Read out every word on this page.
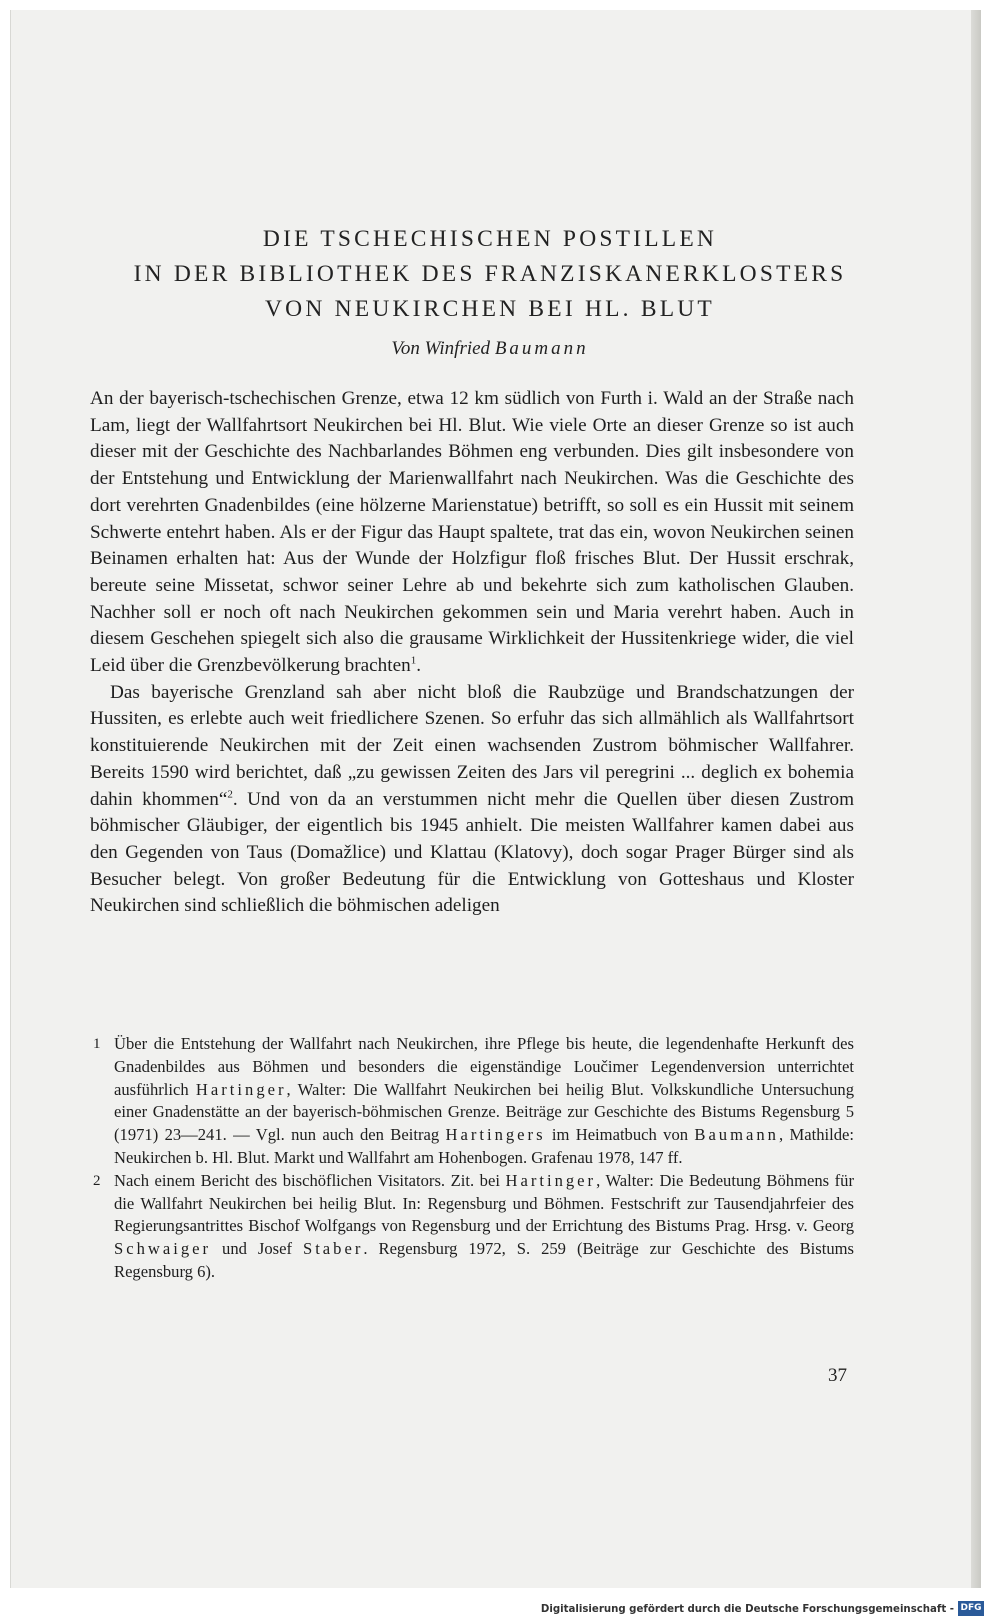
DIE TSCHECHISCHEN POSTILLEN
IN DER BIBLIOTHEK DES FRANZISKANERKLOSTERS
VON NEUKIRCHEN BEI HL. BLUT
Von Winfried Baumann

An der bayerisch-tschechischen Grenze, etwa 12 km südlich von Furth i. Wald an der Straße nach Lam, liegt der Wallfahrtsort Neukirchen bei Hl. Blut. Wie viele Orte an dieser Grenze so ist auch dieser mit der Geschichte des Nachbarlandes Böhmen eng verbunden. Dies gilt insbesondere von der Entstehung und Entwicklung der Marienwallfahrt nach Neukirchen. Was die Geschichte des dort verehrten Gnadenbildes (eine hölzerne Marienstatue) betrifft, so soll es ein Hussit mit seinem Schwerte entehrt haben. Als er der Figur das Haupt spaltete, trat das ein, wovon Neukirchen seinen Beinamen erhalten hat: Aus der Wunde der Holzfigur floß frisches Blut. Der Hussit erschrak, bereute seine Missetat, schwor seiner Lehre ab und bekehrte sich zum katholischen Glauben. Nachher soll er noch oft nach Neukirchen gekommen sein und Maria verehrt haben. Auch in diesem Geschehen spiegelt sich also die grausame Wirklichkeit der Hussitenkriege wider, die viel Leid über die Grenzbevölkerung brachten$^1$.

Das bayerische Grenzland sah aber nicht bloß die Raubzüge und Brandschatzungen der Hussiten, es erlebte auch weit friedlichere Szenen. So erfuhr das sich allmählich als Wallfahrtsort konstituierende Neukirchen mit der Zeit einen wachsenden Zustrom böhmischer Wallfahrer. Bereits 1590 wird berichtet, daß „zu gewissen Zeiten des Jars vil peregrini ... deglich ex bohemia dahin khommen“$^2$. Und von da an verstummen nicht mehr die Quellen über diesen Zustrom böhmischer Gläubiger, der eigentlich bis 1945 anhielt. Die meisten Wallfahrer kamen dabei aus den Gegenden von Taus (Domažlice) und Klattau (Klatovy), doch sogar Prager Bürger sind als Besucher belegt. Von großer Bedeutung für die Entwicklung von Gotteshaus und Kloster Neukirchen sind schließlich die böhmischen adeligen

1 Über die Entstehung der Wallfahrt nach Neukirchen, ihre Pflege bis heute, die legendenhafte Herkunft des Gnadenbildes aus Böhmen und besonders die eigenständige Loučimer Legendenversion unterrichtet ausführlich Hartinger, Walter: Die Wallfahrt Neukirchen bei heilig Blut. Volkskundliche Untersuchung einer Gnadenstätte an der bayerisch-böhmischen Grenze. Beiträge zur Geschichte des Bistums Regensburg 5 (1971) 23—241. — Vgl. nun auch den Beitrag Hartingers im Heimatbuch von Baumann, Mathilde: Neukirchen b. Hl. Blut. Markt und Wallfahrt am Hohenbogen. Grafenau 1978, 147 ff.
2 Nach einem Bericht des bischöflichen Visitators. Zit. bei Hartinger, Walter: Die Bedeutung Böhmens für die Wallfahrt Neukirchen bei heilig Blut. In: Regensburg und Böhmen. Festschrift zur Tausendjahrfeier des Regierungsantrittes Bischof Wolfgangs von Regensburg und der Errichtung des Bistums Prag. Hrsg. v. Georg Schwaiger und Josef Staber. Regensburg 1972, S. 259 (Beiträge zur Geschichte des Bistums Regensburg 6).
37
Digitalisierung gefördert durch die Deutsche Forschungsgemeinschaft - DFG
